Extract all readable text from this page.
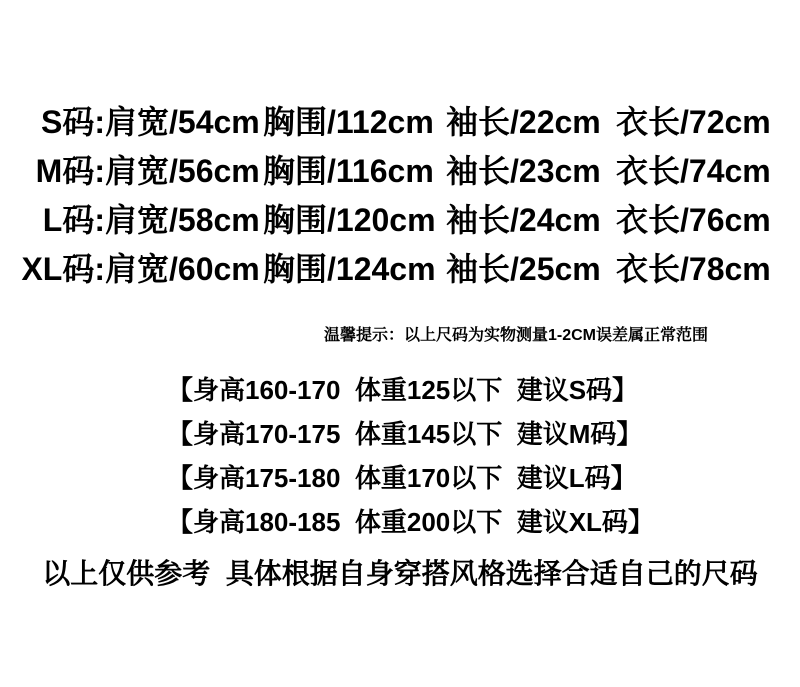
S码: 肩宽/54cm 胸围/112cm 袖长/22cm 衣长/72cm
M码: 肩宽/56cm 胸围/116cm 袖长/23cm 衣长/74cm
L码: 肩宽/58cm 胸围/120cm 袖长/24cm 衣长/76cm
XL码: 肩宽/60cm 胸围/124cm 袖长/25cm 衣长/78cm
温馨提示：以上尺码为实物测量1-2CM误差属正常范围
【身高160-170  体重125以下  建议S码】
【身高170-175  体重145以下  建议M码】
【身高175-180  体重170以下  建议L码】
【身高180-185  体重200以下  建议XL码】
以上仅供参考  具体根据自身穿搭风格选择合适自己的尺码
